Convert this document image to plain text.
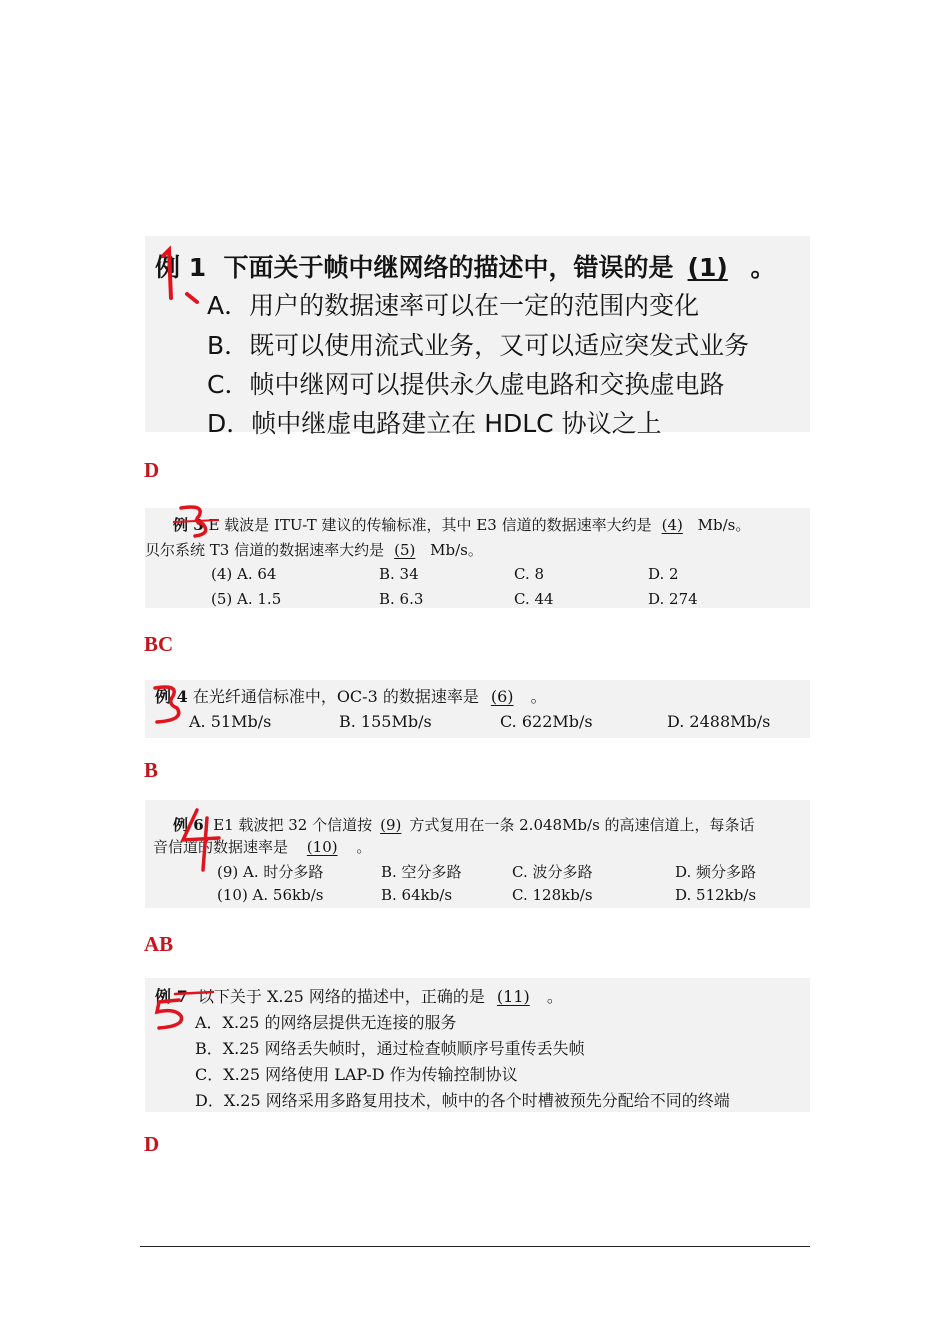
例 1 下面关于帧中继网络的描述中，错误的是 (1) 。
A．用户的数据速率可以在一定的范围内变化
B．既可以使用流式业务，又可以适应突发式业务
C．帧中继网可以提供永久虚电路和交换虚电路
D．帧中继虚电路建立在 HDLC 协议之上
D
例 3 E 载波是 ITU-T 建议的传输标准，其中 E3 信道的数据速率大约是 (4) Mb/s。
贝尔系统 T3 信道的数据速率大约是 (5) Mb/s。
(4) A. 64	B. 34	C. 8	D. 2
(5) A. 1.5	B. 6.3	C. 44	D. 274
BC
例 4 在光纤通信标准中，OC-3 的数据速率是 (6) 。
A. 51Mb/s	B. 155Mb/s	C. 622Mb/s	D. 2488Mb/s
B
例 6 E1 载波把 32 个信道按 (9) 方式复用在一条 2.048Mb/s 的高速信道上，每条话
音信道的数据速率是 (10) 。
(9) A. 时分多路	B. 空分多路	C. 波分多路	D. 频分多路
(10) A. 56kb/s	B. 64kb/s	C. 128kb/s	D. 512kb/s
AB
例 7 以下关于 X.25 网络的描述中，正确的是 (11) 。
A．X.25 的网络层提供无连接的服务
B．X.25 网络丢失帧时，通过检查帧顺序号重传丢失帧
C．X.25 网络使用 LAP-D 作为传输控制协议
D．X.25 网络采用多路复用技术，帧中的各个时槽被预先分配给不同的终端
D
